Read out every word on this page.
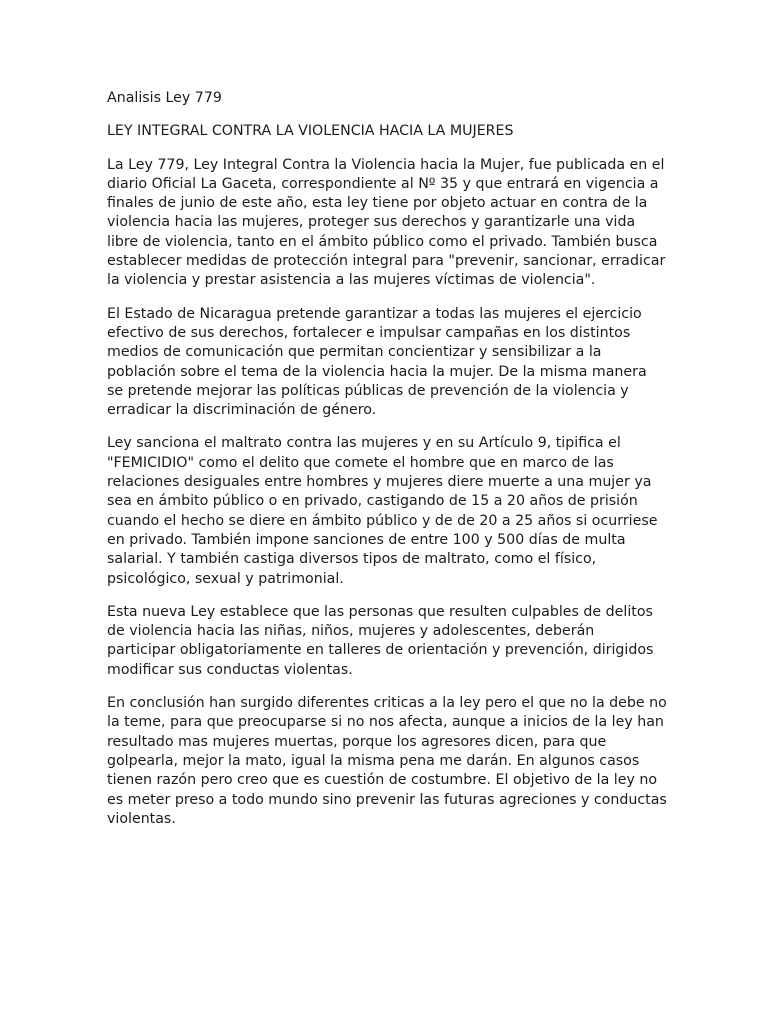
Analisis Ley 779
LEY INTEGRAL CONTRA LA VIOLENCIA HACIA LA MUJERES

La Ley 779, Ley Integral Contra la Violencia hacia la Mujer, fue publicada en el diario Oficial La Gaceta, correspondiente al Nº 35 y que entrará en vigencia a finales de junio de este año, esta ley tiene por objeto actuar en contra de la violencia hacia las mujeres, proteger sus derechos y garantizarle una vida libre de violencia, tanto en el ámbito público como el privado. También busca establecer medidas de protección integral para "prevenir, sancionar, erradicar la violencia y prestar asistencia a las mujeres víctimas de violencia".

El Estado de Nicaragua pretende garantizar a todas las mujeres el ejercicio efectivo de sus derechos, fortalecer e impulsar campañas en los distintos medios de comunicación que permitan concientizar y sensibilizar a la población sobre el tema de la violencia hacia la mujer. De la misma manera se pretende mejorar las políticas públicas de prevención de la violencia y erradicar la discriminación de género.

Ley sanciona el maltrato contra las mujeres y en su Artículo 9, tipifica el "FEMICIDIO" como el delito que comete el hombre que en marco de las relaciones desiguales entre hombres y mujeres diere muerte a una mujer ya sea en ámbito público o en privado, castigando de 15 a 20 años de prisión cuando el hecho se diere en ámbito público y de de 20 a 25 años si ocurriese en privado. También impone sanciones de entre 100 y 500 días de multa salarial. Y también castiga diversos tipos de maltrato, como el físico, psicológico, sexual y patrimonial.

Esta nueva Ley establece que las personas que resulten culpables de delitos de violencia hacia las niñas, niños, mujeres y adolescentes, deberán participar obligatoriamente en talleres de orientación y prevención, dirigidos modificar sus conductas violentas.

En conclusión han surgido diferentes criticas a la ley pero el que no la debe no la teme, para que preocuparse si no nos afecta, aunque a inicios de la ley han resultado mas mujeres muertas, porque los agresores dicen, para que golpearla, mejor la mato, igual la misma pena me darán. En algunos casos tienen razón pero creo que es cuestión de costumbre. El objetivo de la ley no es meter preso a todo mundo sino prevenir las futuras agreciones y conductas violentas.
